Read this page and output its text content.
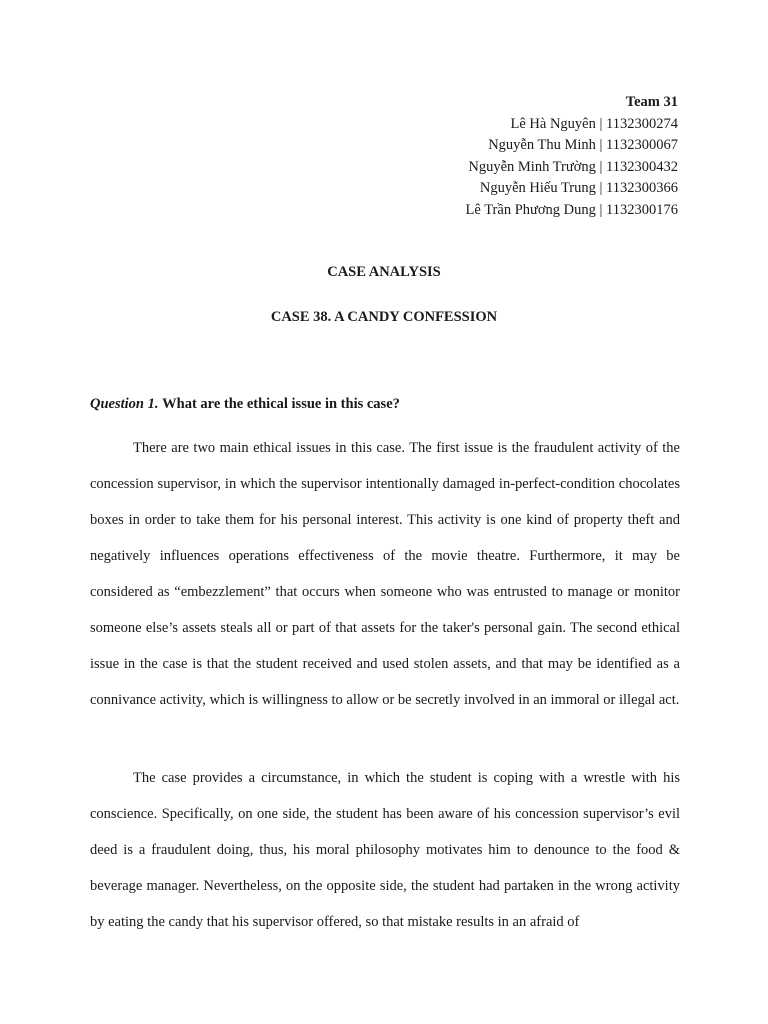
Team 31
Lê Hà Nguyên | 1132300274
Nguyễn Thu Minh | 1132300067
Nguyễn Minh Trường | 1132300432
Nguyễn Hiếu Trung | 1132300366
Lê Trần Phương Dung | 1132300176
CASE ANALYSIS
CASE 38. A CANDY CONFESSION
Question 1. What are the ethical issue in this case?

There are two main ethical issues in this case. The first issue is the fraudulent activity of the concession supervisor, in which the supervisor intentionally damaged in-perfect-condition chocolates boxes in order to take them for his personal interest. This activity is one kind of property theft and negatively influences operations effectiveness of the movie theatre. Furthermore, it may be considered as “embezzlement” that occurs when someone who was entrusted to manage or monitor someone else’s assets steals all or part of that assets for the taker's personal gain. The second ethical issue in the case is that the student received and used stolen assets, and that may be identified as a connivance activity, which is willingness to allow or be secretly involved in an immoral or illegal act.

The case provides a circumstance, in which the student is coping with a wrestle with his conscience. Specifically, on one side, the student has been aware of his concession supervisor’s evil deed is a fraudulent doing, thus, his moral philosophy motivates him to denounce to the food & beverage manager. Nevertheless, on the opposite side, the student had partaken in the wrong activity by eating the candy that his supervisor offered, so that mistake results in an afraid of
